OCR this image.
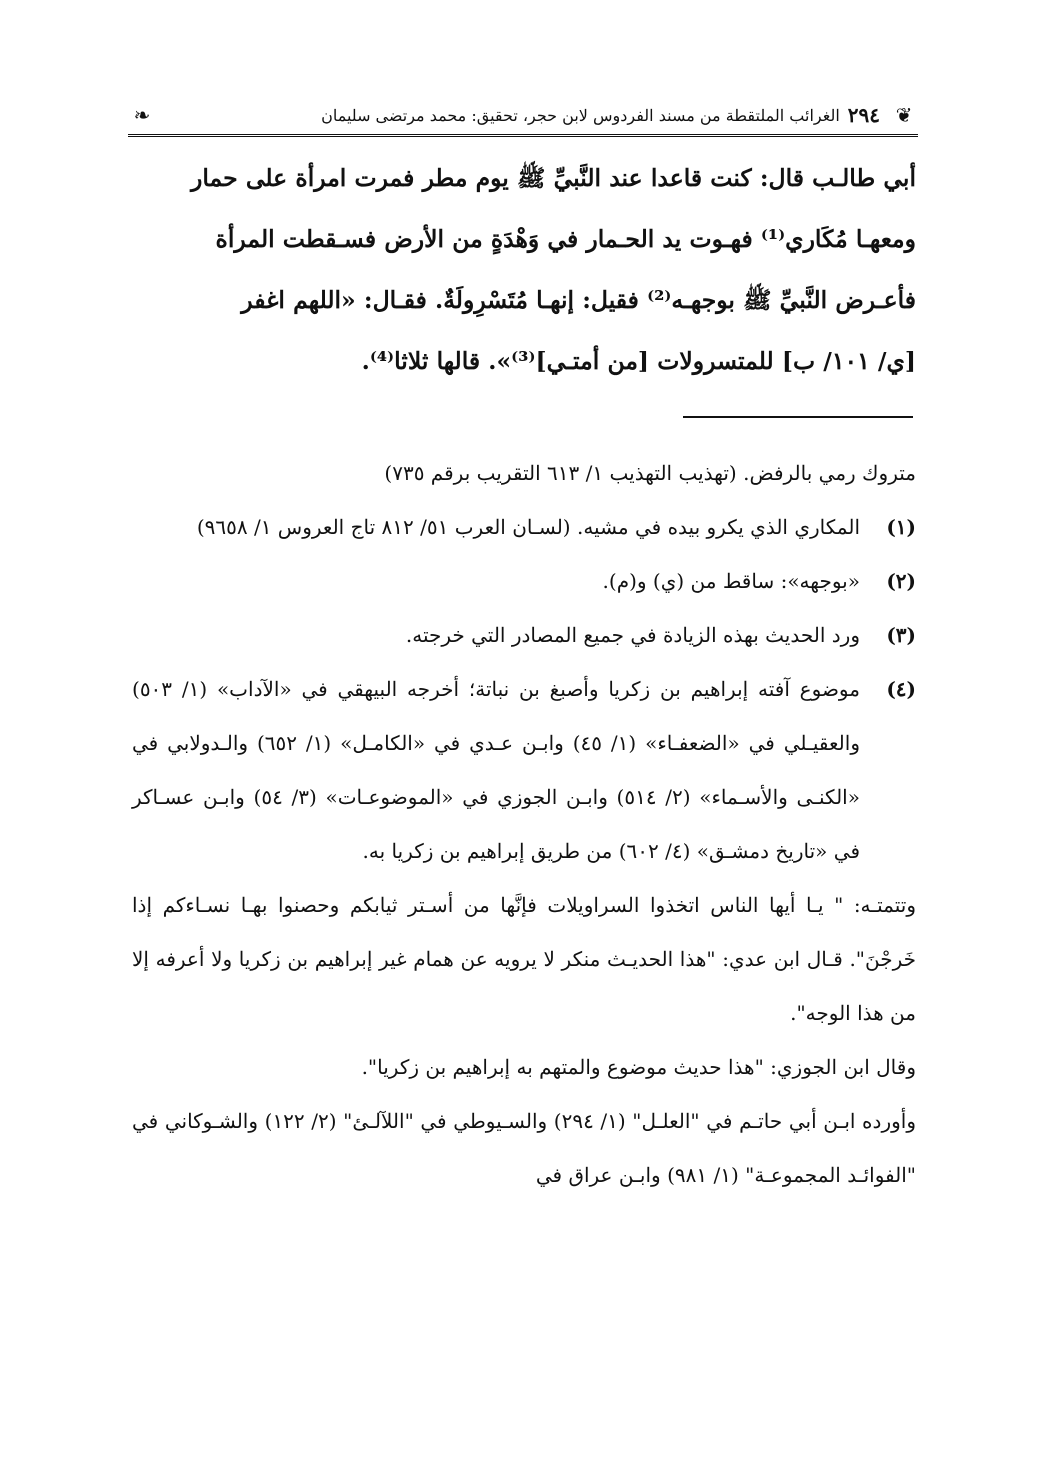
❦
٢٩٤
الغرائب الملتقطة من مسند الفردوس لابن حجر، تحقيق: محمد مرتضى سليمان
❧

أبي طالـب قال: كنت قاعدا عند النَّبيِّ ﷺ يوم مطر فمرت امرأة على حمار

ومعهـا مُكَاري⁽¹⁾ فهـوت يد الحـمار في وَهْدَةٍ من الأرض فسـقطت المرأة

فأعـرض النَّبيِّ ﷺ بوجهـه⁽²⁾ فقيل: إنهـا مُتَسْرِولَةٌ. فقـال: «اللهم اغفر

[ي/ ١٠١/ ب] للمتسرولات [من أمتـي]⁽³⁾». قالها ثلاثا⁽⁴⁾.

متروك رمي بالرفض. (تهذيب التهذيب ١/ ٦١٣ التقريب برقم ٧٣٥)

(١)
المكاري الذي يكرو بيده في مشيه. (لسـان العرب ٥١/ ٨١٢ تاج العروس ١/ ٩٦٥٨)
(٢)
«بوجهه»: ساقط من (ي) و(م).
(٣)
ورد الحديث بهذه الزيادة في جميع المصادر التي خرجته.
(٤)
موضوع آفته إبراهيم بن زكريا وأصبغ بن نباتة؛ أخرجه البيهقي في «الآداب» (١/ ٥٠٣) والعقيـلي في «الضعفـاء» (١/ ٤٥) وابـن عـدي في «الكامـل» (١/ ٦٥٢) والـدولابي في «الكنـى والأسـماء» (٢/ ٥١٤) وابـن الجوزي في «الموضوعـات» (٣/ ٥٤) وابـن عسـاكر في «تاريخ دمشـق» (٤/ ٦٠٢) من طريق إبراهيم بن زكريا به.

وتتمتـه: " يـا أيها الناس اتخذوا السراويلات فإنَّها من أسـتر ثيابكم وحصنوا بهـا نسـاءكم إذا خَرجْنَ". قـال ابن عدي: "هذا الحديـث منكر لا يرويه عن همام غير إبراهيم بن زكريا ولا أعرفه إلا من هذا الوجه".

وقال ابن الجوزي: "هذا حديث موضوع والمتهم به إبراهيم بن زكريا".

وأورده ابـن أبي حاتـم في "العلـل" (١/ ٢٩٤) والسـيوطي في "اللآلـئ" (٢/ ١٢٢) والشـوكاني في "الفوائـد المجموعـة" (١/ ٩٨١) وابـن عراق في
